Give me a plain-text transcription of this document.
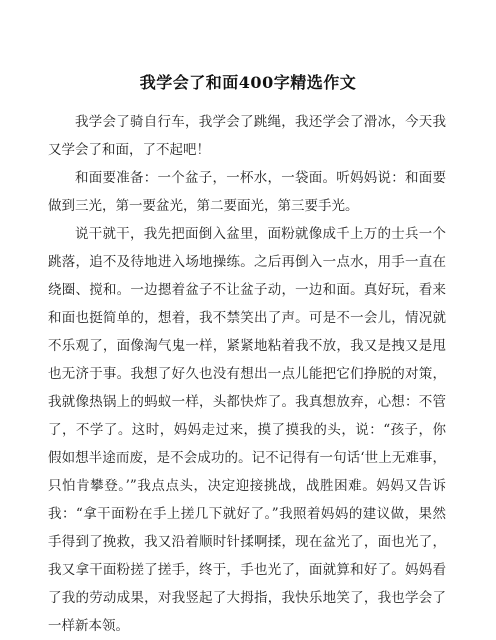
我学会了和面400字精选作文

我学会了骑自行车，我学会了跳绳，我还学会了滑冰，今天我又学会了和面，了不起吧！

和面要准备：一个盆子，一杯水，一袋面。听妈妈说：和面要做到三光，第一要盆光，第二要面光，第三要手光。

说干就干，我先把面倒入盆里，面粉就像成千上万的士兵一个跳落，追不及待地进入场地操练。之后再倒入一点水，用手一直在绕圈、搅和。一边摁着盆子不让盆子动，一边和面。真好玩，看来和面也挺简单的，想着，我不禁笑出了声。可是不一会儿，情况就不乐观了，面像淘气鬼一样，紧紧地粘着我不放，我又是拽又是甩也无济于事。我想了好久也没有想出一点儿能把它们挣脱的对策，我就像热锅上的蚂蚁一样，头都快炸了。我真想放弃，心想：不管了，不学了。这时，妈妈走过来，摸了摸我的头，说：“孩子，你假如想半途而废，是不会成功的。记不记得有一句话‘世上无难事，只怕肯攀登。’”我点点头，决定迎接挑战，战胜困难。妈妈又告诉我：“拿干面粉在手上搓几下就好了。”我照着妈妈的建议做，果然手得到了挽救，我又沿着顺时针揉啊揉，现在盆光了，面也光了，我又拿干面粉搓了搓手，终于，手也光了，面就算和好了。妈妈看了我的劳动成果，对我竖起了大拇指，我快乐地笑了，我也学会了一样新本领。
